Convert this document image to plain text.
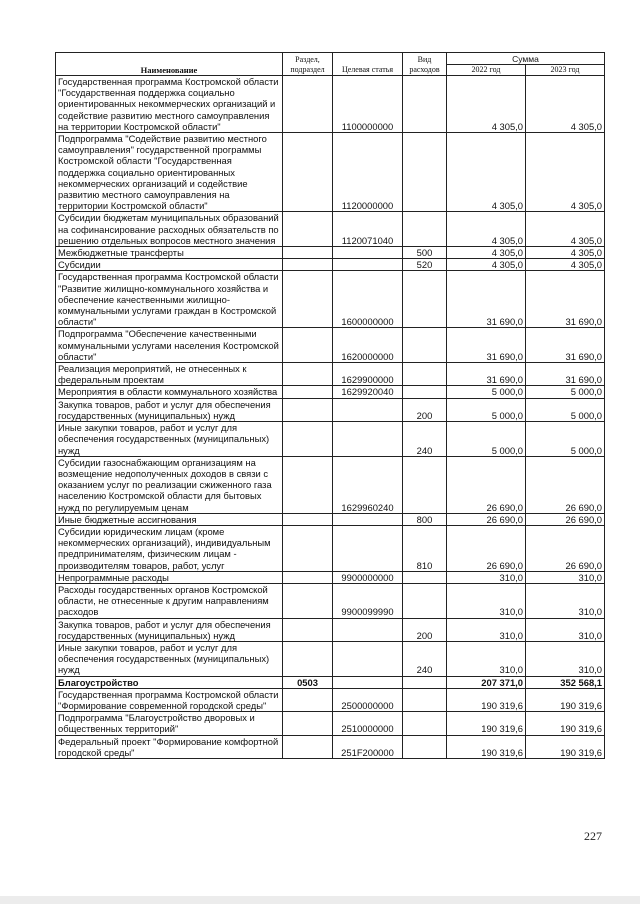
Наименование	Раздел, подраздел	Целевая статья	Вид расходов	Сумма	
				2022 год	2023 год
Государственная программа Костромской области "Государственная поддержка социально ориентированных некоммерческих организаций и содействие развитию местного самоуправления на территории Костромской области"		1100000000		4 305,0	4 305,0
Подпрограмма "Содействие развитию местного самоуправления" государственной программы Костромской области "Государственная поддержка социально ориентированных некоммерческих организаций и содействие развитию местного самоуправления на территории Костромской области"		1120000000		4 305,0	4 305,0
Субсидии бюджетам муниципальных образований на софинансирование расходных обязательств по решению отдельных вопросов местного значения		1120071040		4 305,0	4 305,0
Межбюджетные трансферты			500	4 305,0	4 305,0
Субсидии			520	4 305,0	4 305,0
Государственная программа Костромской области "Развитие жилищно-коммунального хозяйства и обеспечение качественными жилищно-коммунальными услугами граждан в Костромской области"		1600000000		31 690,0	31 690,0
Подпрограмма "Обеспечение качественными коммунальными услугами населения Костромской области"		1620000000		31 690,0	31 690,0
Реализация мероприятий, не отнесенных к федеральным проектам		1629900000		31 690,0	31 690,0
Мероприятия в области коммунального хозяйства		1629920040		5 000,0	5 000,0
Закупка товаров, работ и услуг для обеспечения государственных (муниципальных) нужд			200	5 000,0	5 000,0
Иные закупки товаров, работ и услуг для обеспечения государственных (муниципальных) нужд			240	5 000,0	5 000,0
Субсидии газоснабжающим организациям на возмещение недополученных доходов в связи с оказанием услуг по реализации сжиженного газа населению Костромской области для бытовых нужд по регулируемым ценам		1629960240		26 690,0	26 690,0
Иные бюджетные ассигнования			800	26 690,0	26 690,0
Субсидии юридическим лицам (кроме некоммерческих организаций), индивидуальным предпринимателям, физическим лицам - производителям товаров, работ, услуг			810	26 690,0	26 690,0
Непрограммные расходы		9900000000		310,0	310,0
Расходы государственных органов Костромской области, не отнесенные к другим направлениям расходов		9900099990		310,0	310,0
Закупка товаров, работ и услуг для обеспечения государственных (муниципальных) нужд			200	310,0	310,0
Иные закупки товаров, работ и услуг для обеспечения государственных (муниципальных) нужд			240	310,0	310,0
Благоустройство	0503			207 371,0	352 568,1
Государственная программа Костромской области "Формирование современной городской среды"		2500000000		190 319,6	190 319,6
Подпрограмма "Благоустройство дворовых и общественных территорий"		2510000000		190 319,6	190 319,6
Федеральный проект "Формирование комфортной городской среды"		251F200000		190 319,6	190 319,6
227
